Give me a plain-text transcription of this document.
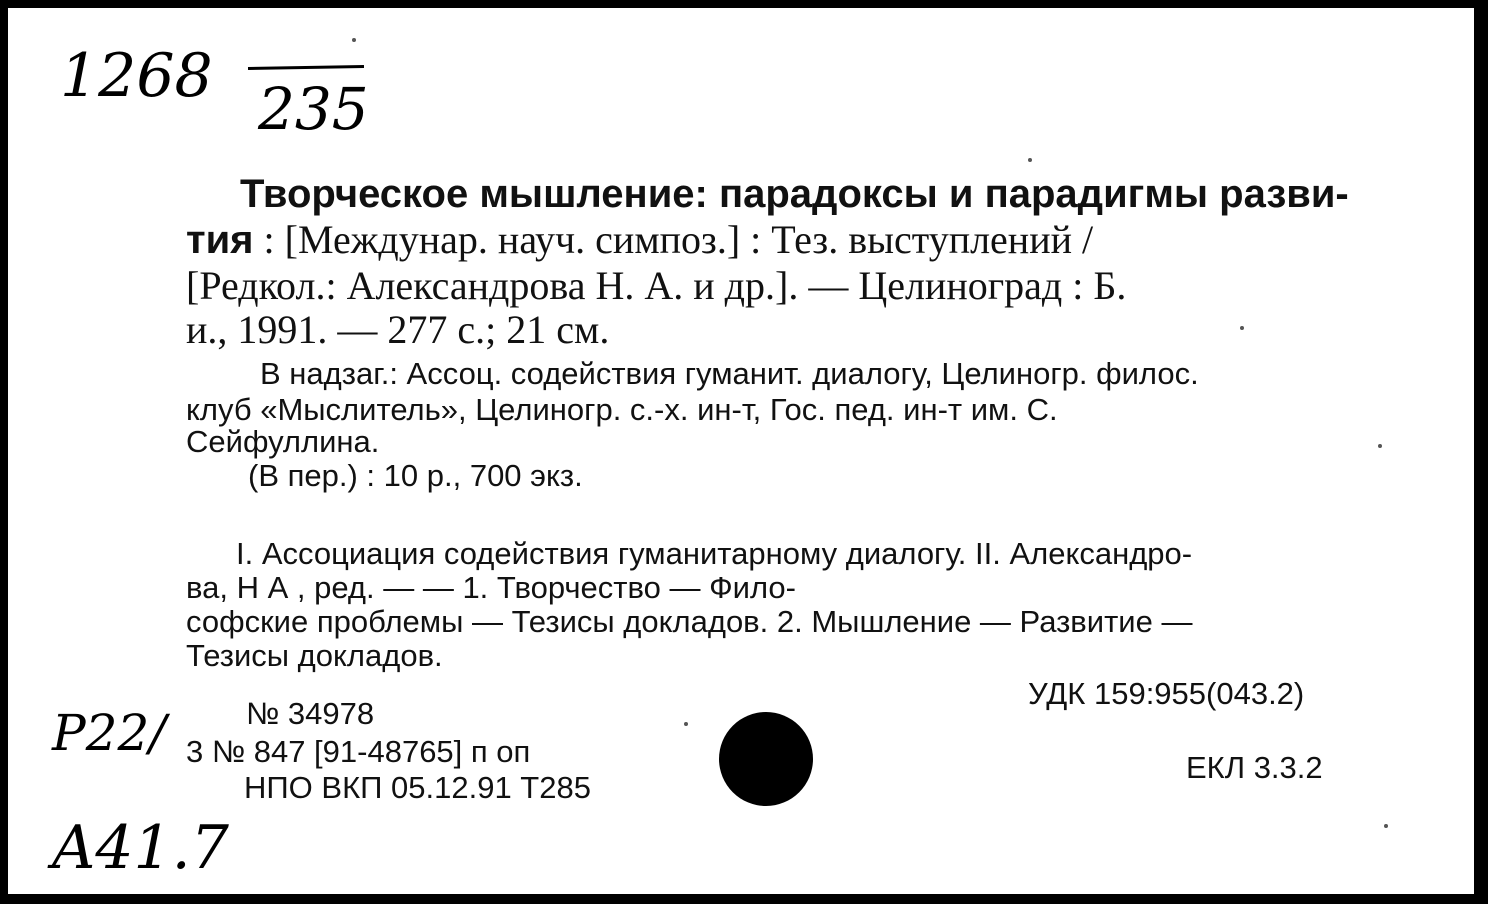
1268 235
Творческое мышление: парадоксы и парадигмы разви-
тия : [Междунар. науч. симпоз.] : Тез. выступлений /
[Редкол.: Александрова Н. А. и др.]. — Целиноград : Б.
и., 1991. — 277 с.; 21 см.
В надзаг.: Ассоц. содействия гуманит. диалогу, Целиногр. филос.
клуб «Мыслитель», Целиногр. с.-х. ин-т, Гос. пед. ин-т им. С.
Сейфуллина.
(В пер.) : 10 р., 700 экз.
I. Ассоциация содействия гуманитарному диалогу. II. Александро-
ва, Н А , ред. — — 1. Творчество — Фило-
софские проблемы — Тезисы докладов. 2. Мышление — Развитие —
Тезисы докладов.
УДК 159:955(043.2)
ЕКЛ 3.3.2
№ 34978
3 № 847 [91-48765] п оп
НПО ВКП 05.12.91 Т285
P22/
A41.7
